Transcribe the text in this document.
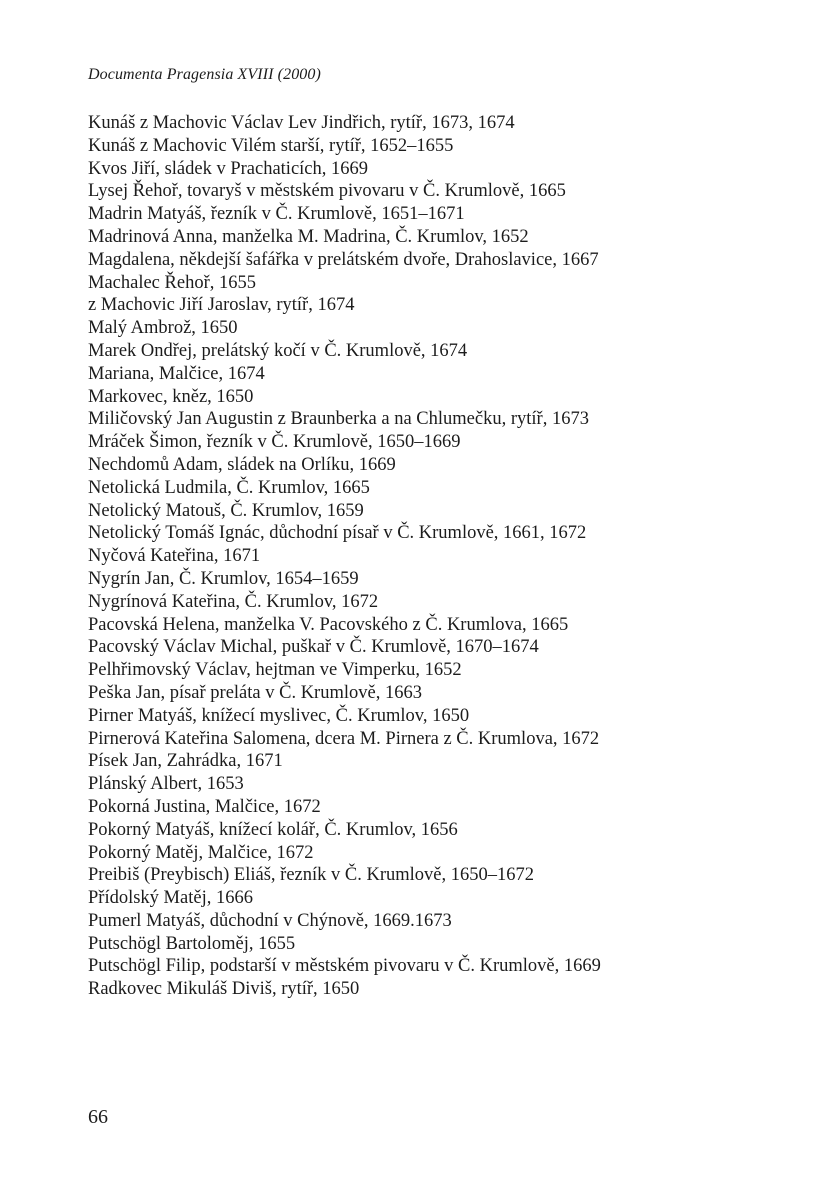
Documenta Pragensia XVIII (2000)

Kunáš z Machovic Václav Lev Jindřich, rytíř, 1673, 1674
Kunáš z Machovic Vilém starší, rytíř, 1652–1655
Kvos Jiří, sládek v Prachaticích, 1669
Lysej Řehoř, tovaryš v městském pivovaru v Č. Krumlově, 1665
Madrin Matyáš, řezník v Č. Krumlově, 1651–1671
Madrinová Anna, manželka M. Madrina, Č. Krumlov, 1652
Magdalena, někdejší šafářka v prelátském dvoře, Drahoslavice, 1667
Machalec Řehoř, 1655
z Machovic Jiří Jaroslav, rytíř, 1674
Malý Ambrož, 1650
Marek Ondřej, prelátský kočí v Č. Krumlově, 1674
Mariana, Malčice, 1674
Markovec, kněz, 1650
Miličovský Jan Augustin z Braunberka a na Chlumečku, rytíř, 1673
Mráček Šimon, řezník v Č. Krumlově, 1650–1669
Nechdomů Adam, sládek na Orlíku, 1669
Netolická Ludmila, Č. Krumlov, 1665
Netolický Matouš, Č. Krumlov, 1659
Netolický Tomáš Ignác, důchodní písař v Č. Krumlově, 1661, 1672
Nyčová Kateřina, 1671
Nygrín Jan, Č. Krumlov, 1654–1659
Nygrínová Kateřina, Č. Krumlov, 1672
Pacovská Helena, manželka V. Pacovského z Č. Krumlova, 1665
Pacovský Václav Michal, puškař v Č. Krumlově, 1670–1674
Pelhřimovský Václav, hejtman ve Vimperku, 1652
Peška Jan, písař preláta v Č. Krumlově, 1663
Pirner Matyáš, knížecí myslivec, Č. Krumlov, 1650
Pirnerová Kateřina Salomena, dcera M. Pirnera z Č. Krumlova, 1672
Písek Jan, Zahrádka, 1671
Plánský Albert, 1653
Pokorná Justina, Malčice, 1672
Pokorný Matyáš, knížecí kolář, Č. Krumlov, 1656
Pokorný Matěj, Malčice, 1672
Preibiš (Preybisch) Eliáš, řezník v Č. Krumlově, 1650–1672
Přídolský Matěj, 1666
Pumerl Matyáš, důchodní v Chýnově, 1669.1673
Putschögl Bartoloměj, 1655
Putschögl Filip, podstarší v městském pivovaru v Č. Krumlově, 1669
Radkovec Mikuláš Diviš, rytíř, 1650

66
